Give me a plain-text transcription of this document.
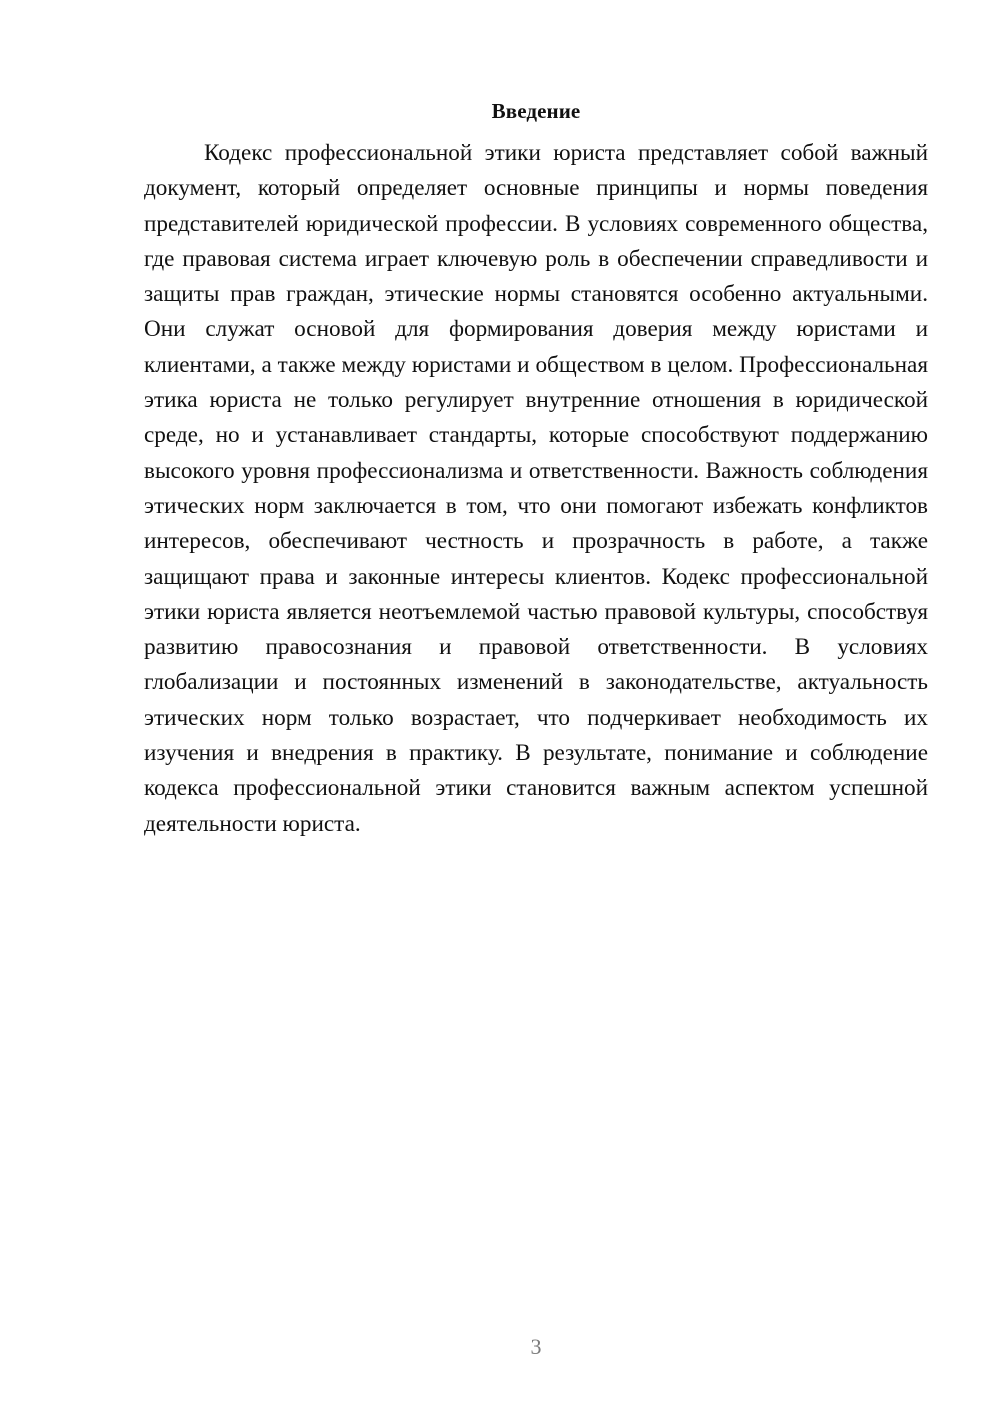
Введение

Кодекс профессиональной этики юриста представляет собой важный документ, который определяет основные принципы и нормы поведения представителей юридической профессии. В условиях современного общества, где правовая система играет ключевую роль в обеспечении справедливости и защиты прав граждан, этические нормы становятся особенно актуальными. Они служат основой для формирования доверия между юристами и клиентами, а также между юристами и обществом в целом. Профессиональная этика юриста не только регулирует внутренние отношения в юридической среде, но и устанавливает стандарты, которые способствуют поддержанию высокого уровня профессионализма и ответственности. Важность соблюдения этических норм заключается в том, что они помогают избежать конфликтов интересов, обеспечивают честность и прозрачность в работе, а также защищают права и законные интересы клиентов. Кодекс профессиональной этики юриста является неотъемлемой частью правовой культуры, способствуя развитию правосознания и правовой ответственности. В условиях глобализации и постоянных изменений в законодательстве, актуальность этических норм только возрастает, что подчеркивает необходимость их изучения и внедрения в практику. В результате, понимание и соблюдение кодекса профессиональной этики становится важным аспектом успешной деятельности юриста.

3
